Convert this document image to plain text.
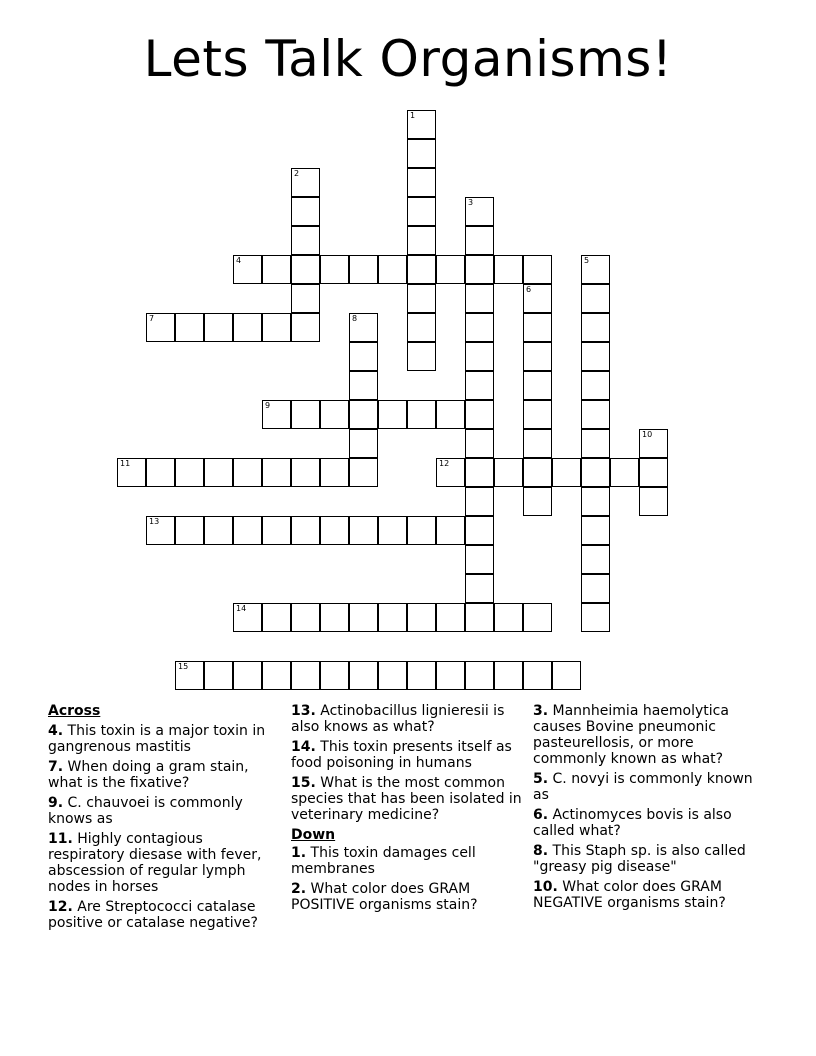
Lets Talk Organisms!
1
2
3
4	5
6
7	8
9
10
11	12
13
14
15
Across
4. This toxin is a major toxin in gangrenous mastitis
7. When doing a gram stain, what is the fixative?
9. C. chauvoei is commonly knows as
11. Highly contagious respiratory diesase with fever, abscession of regular lymph nodes in horses
12. Are Streptococci catalase positive or catalase negative?
13. Actinobacillus lignieresii is also knows as what?
14. This toxin presents itself as food poisoning in humans
15. What is the most common species that has been isolated in veterinary medicine?
Down
1. This toxin damages cell membranes
2. What color does GRAM POSITIVE organisms stain?
3. Mannheimia haemolytica causes Bovine pneumonic pasteurellosis, or more commonly known as what?
5. C. novyi is commonly known as
6. Actinomyces bovis is also called what?
8. This Staph sp. is also called "greasy pig disease"
10. What color does GRAM NEGATIVE organisms stain?
